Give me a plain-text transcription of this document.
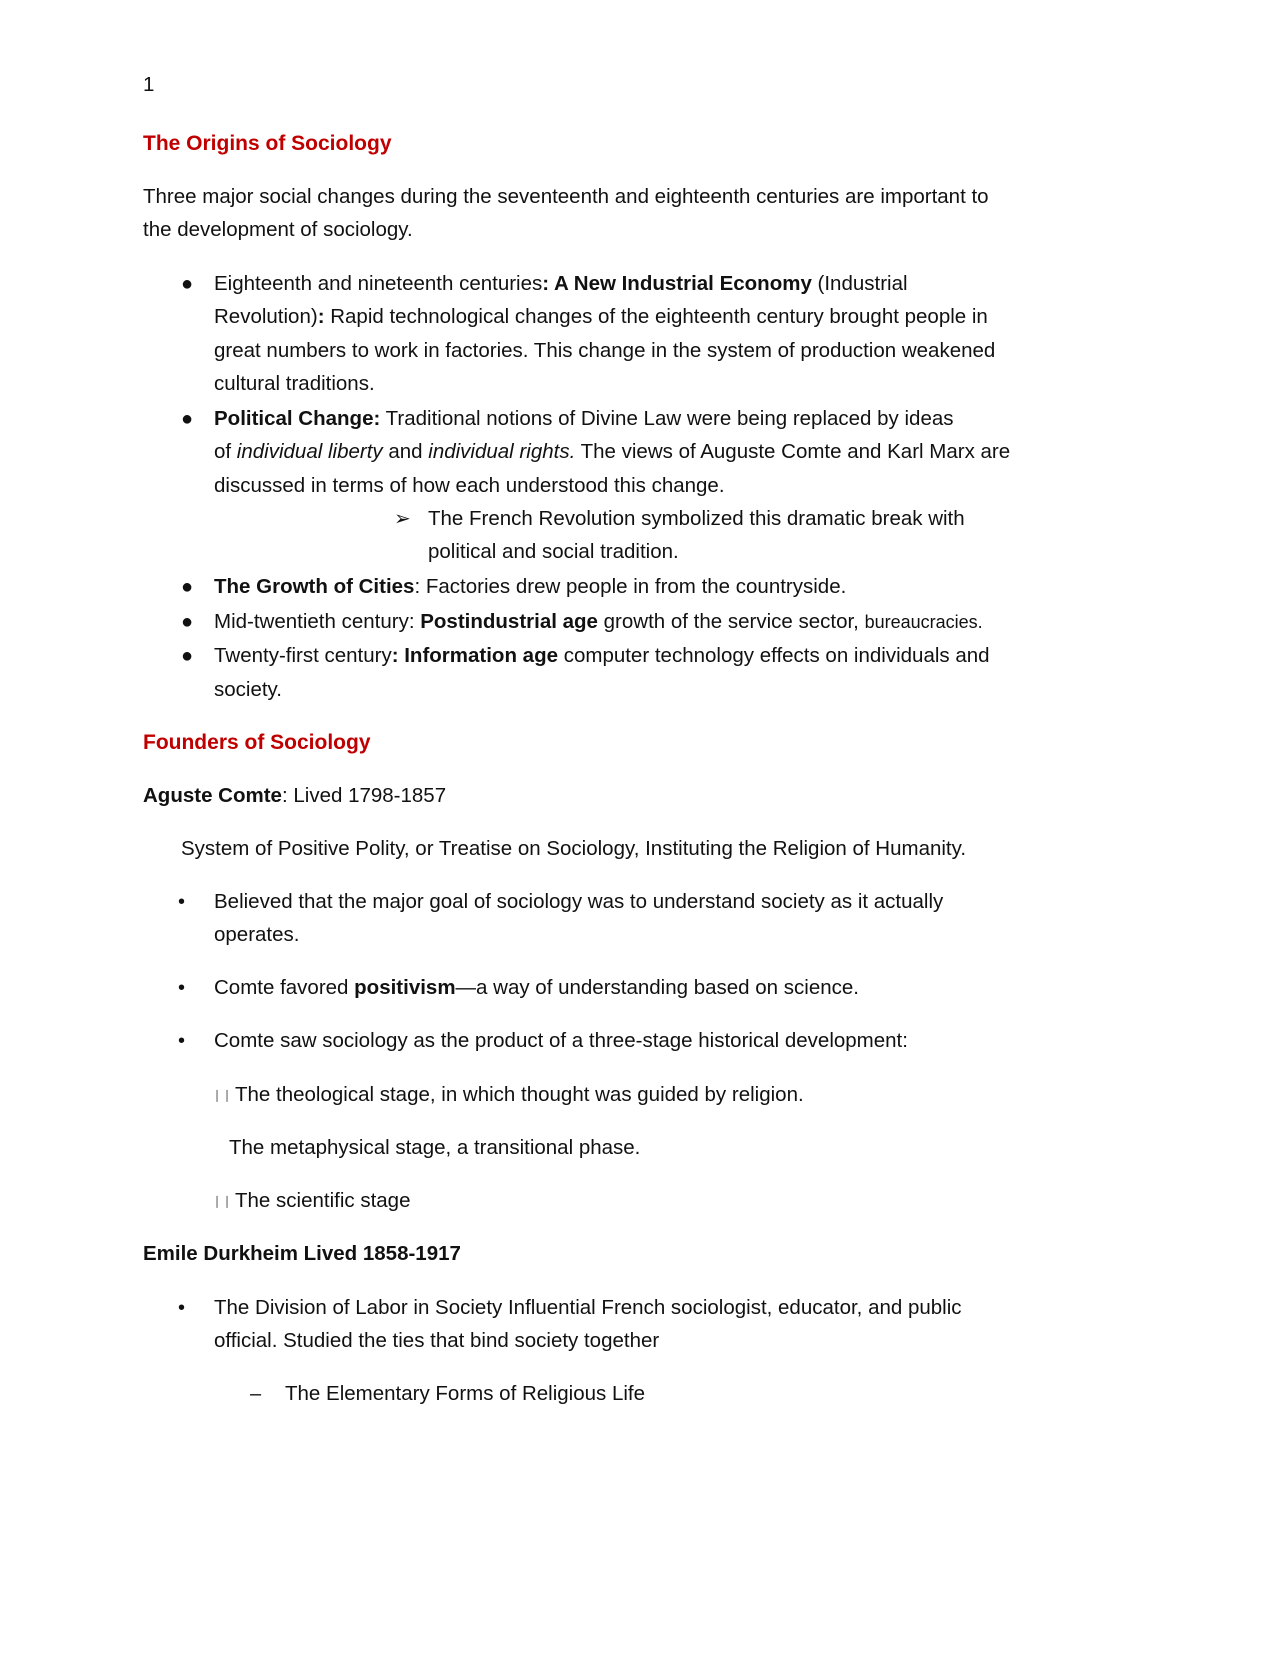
1
The Origins of Sociology
Three major social changes during the seventeenth and eighteenth centuries are important to
the development of sociology.
● Eighteenth and nineteenth centuries: A New Industrial Economy (Industrial
Revolution): Rapid technological changes of the eighteenth century brought people in
great numbers to work in factories. This change in the system of production weakened
cultural traditions.
● Political Change: Traditional notions of Divine Law were being replaced by ideas
of individual liberty and individual rights. The views of Auguste Comte and Karl Marx are
discussed in terms of how each understood this change.
➢ The French Revolution symbolized this dramatic break with
political and social tradition.
● The Growth of Cities: Factories drew people in from the countryside.
● Mid-twentieth century: Postindustrial age growth of the service sector, bureaucracies.
● Twenty-first century: Information age computer technology effects on individuals and
society.
Founders of Sociology
Aguste Comte: Lived 1798-1857
System of Positive Polity, or Treatise on Sociology, Instituting the Religion of Humanity.
• Believed that the major goal of sociology was to understand society as it actually
operates.
• Comte favored positivism—a way of understanding based on science.
• Comte saw sociology as the product of a three-stage historical development:
❘❘ The theological stage, in which thought was guided by religion.
The metaphysical stage, a transitional phase.
❘❘ The scientific stage
Emile Durkheim Lived 1858-1917
• The Division of Labor in Society Influential French sociologist, educator, and public
official. Studied the ties that bind society together
– The Elementary Forms of Religious Life
